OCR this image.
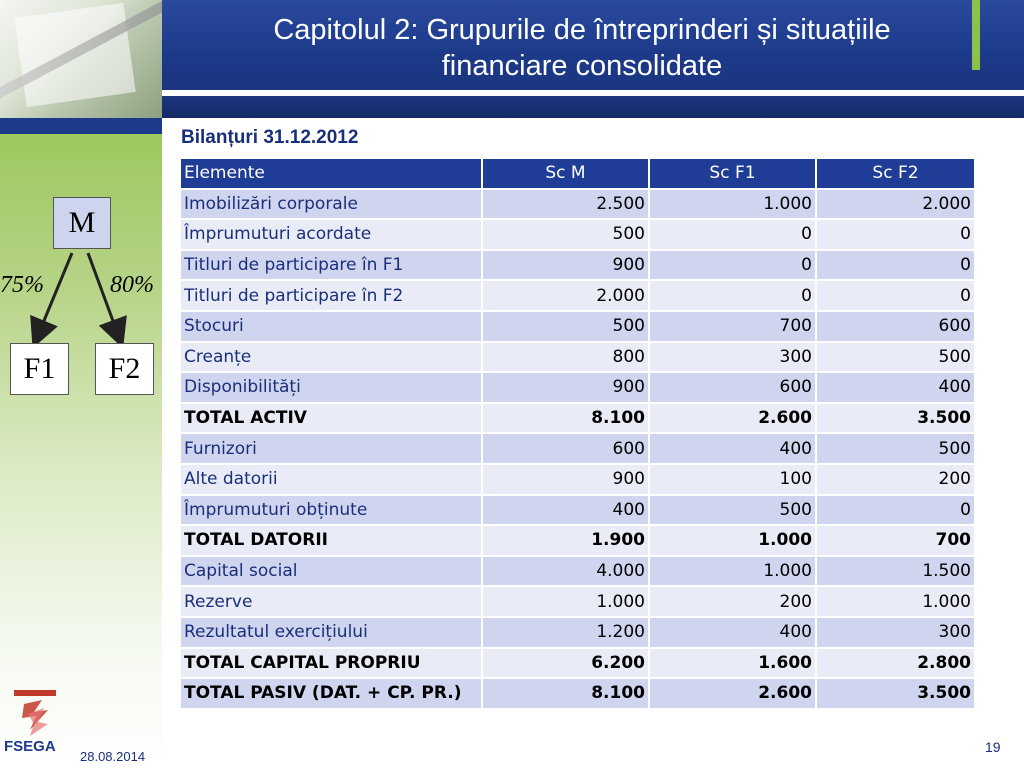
Capitolul 2: Grupurile de întreprinderi și situațiile
financiare consolidate
M
F1	F2
75%	80%
Bilanțuri 31.12.2012
Elemente	Sc M	Sc F1	Sc F2
Imobilizări corporale	2.500	1.000	2.000
Împrumuturi acordate	500	0	0
Titluri de participare în F1	900	0	0
Titluri de participare în F2	2.000	0	0
Stocuri	500	700	600
Creanțe	800	300	500
Disponibilități	900	600	400
TOTAL ACTIV	8.100	2.600	3.500
Furnizori	600	400	500
Alte datorii	900	100	200
Împrumuturi obținute	400	500	0
TOTAL DATORII	1.900	1.000	700
Capital social	4.000	1.000	1.500
Rezerve	1.000	200	1.000
Rezultatul exercițiului	1.200	400	300
TOTAL CAPITAL PROPRIU	6.200	1.600	2.800
TOTAL PASIV (DAT. + CP. PR.)	8.100	2.600	3.500
FSEGA
28.08.2014
19
